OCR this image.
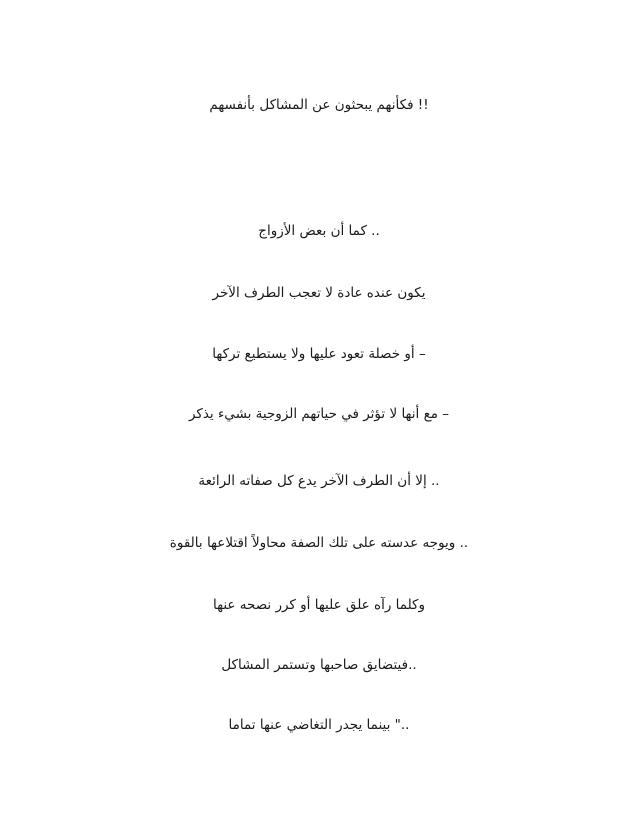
!! فكأنهم يبحثون عن المشاكل بأنفسهم
.. كما أن بعض الأزواج
يكون عنده عادة لا تعجب الطرف الآخر
– أو خصلة تعود عليها ولا يستطيع تركها
– مع أنها لا تؤثر في حياتهم الزوجية بشيء يذكر
.. إلا أن الطرف الآخر يدع كل صفاته الرائعة
.. ويوجه عدسته على تلك الصفة محاولاً اقتلاعها بالقوة
وكلما رآه علق عليها أو كرر نصحه عنها
..فيتضايق صاحبها وتستمر المشاكل
.." بينما يجدر التغاضي عنها تماما
